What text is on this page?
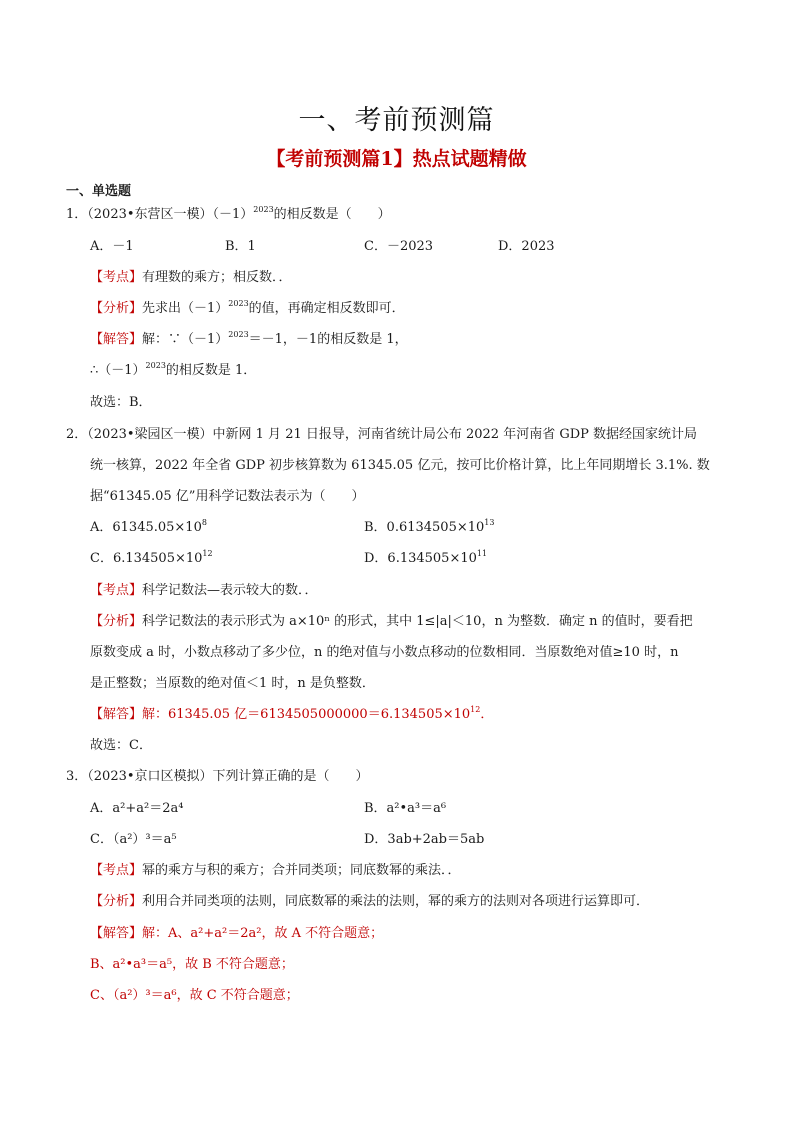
一、考前预测篇
【考前预测篇1】热点试题精做
一、单选题
1．（2023•东营区一模）$(-1)^{2023}$的相反数是（　　）
A．－1	B．1	C．－2023	D．2023
【考点】有理数的乘方；相反数．．
【分析】先求出$(-1)^{2023}$的值，再确定相反数即可．
【解答】解：$\because(-1)^{2023}=-1$，－1的相反数是 1，
$\therefore(-1)^{2023}$的相反数是 1．
故选：B．
2．（2023•梁园区一模）中新网 1 月 21 日报导，河南省统计局公布 2022 年河南省 GDP 数据经国家统计局
统一核算，2022 年全省 GDP 初步核算数为 61345.05 亿元，按可比价格计算，比上年同期增长 3.1%. 数
据“61345.05 亿”用科学记数法表示为（　　）
A．$61345.05\times 10^8$	B．$0.6134505\times 10^{13}$
C．$6.134505\times 10^{12}$	D．$6.134505\times 10^{11}$
【考点】科学记数法—表示较大的数．．
【分析】科学记数法的表示形式为 a×10ⁿ 的形式，其中 1≤|a|＜10，n 为整数．确定 n 的值时，要看把
原数变成 a 时，小数点移动了多少位，n 的绝对值与小数点移动的位数相同．当原数绝对值≥10 时，n
是正整数；当原数的绝对值＜1 时，n 是负整数．
【解答】解：61345.05 亿$=6134505000000=6.134505\times 10^{12}$．
故选：C．
3．（2023•京口区模拟）下列计算正确的是（　　）
A．a²+a²＝2a⁴	B．a²•a³＝a⁶
C．（a²）³＝a⁵	D．3ab+2ab＝5ab
【考点】幂的乘方与积的乘方；合并同类项；同底数幂的乘法．．
【分析】利用合并同类项的法则，同底数幂的乘法的法则，幂的乘方的法则对各项进行运算即可．
【解答】解：A、a²+a²＝2a²，故 A 不符合题意；
B、a²•a³＝a⁵，故 B 不符合题意；
C、（a²）³＝a⁶，故 C 不符合题意；
